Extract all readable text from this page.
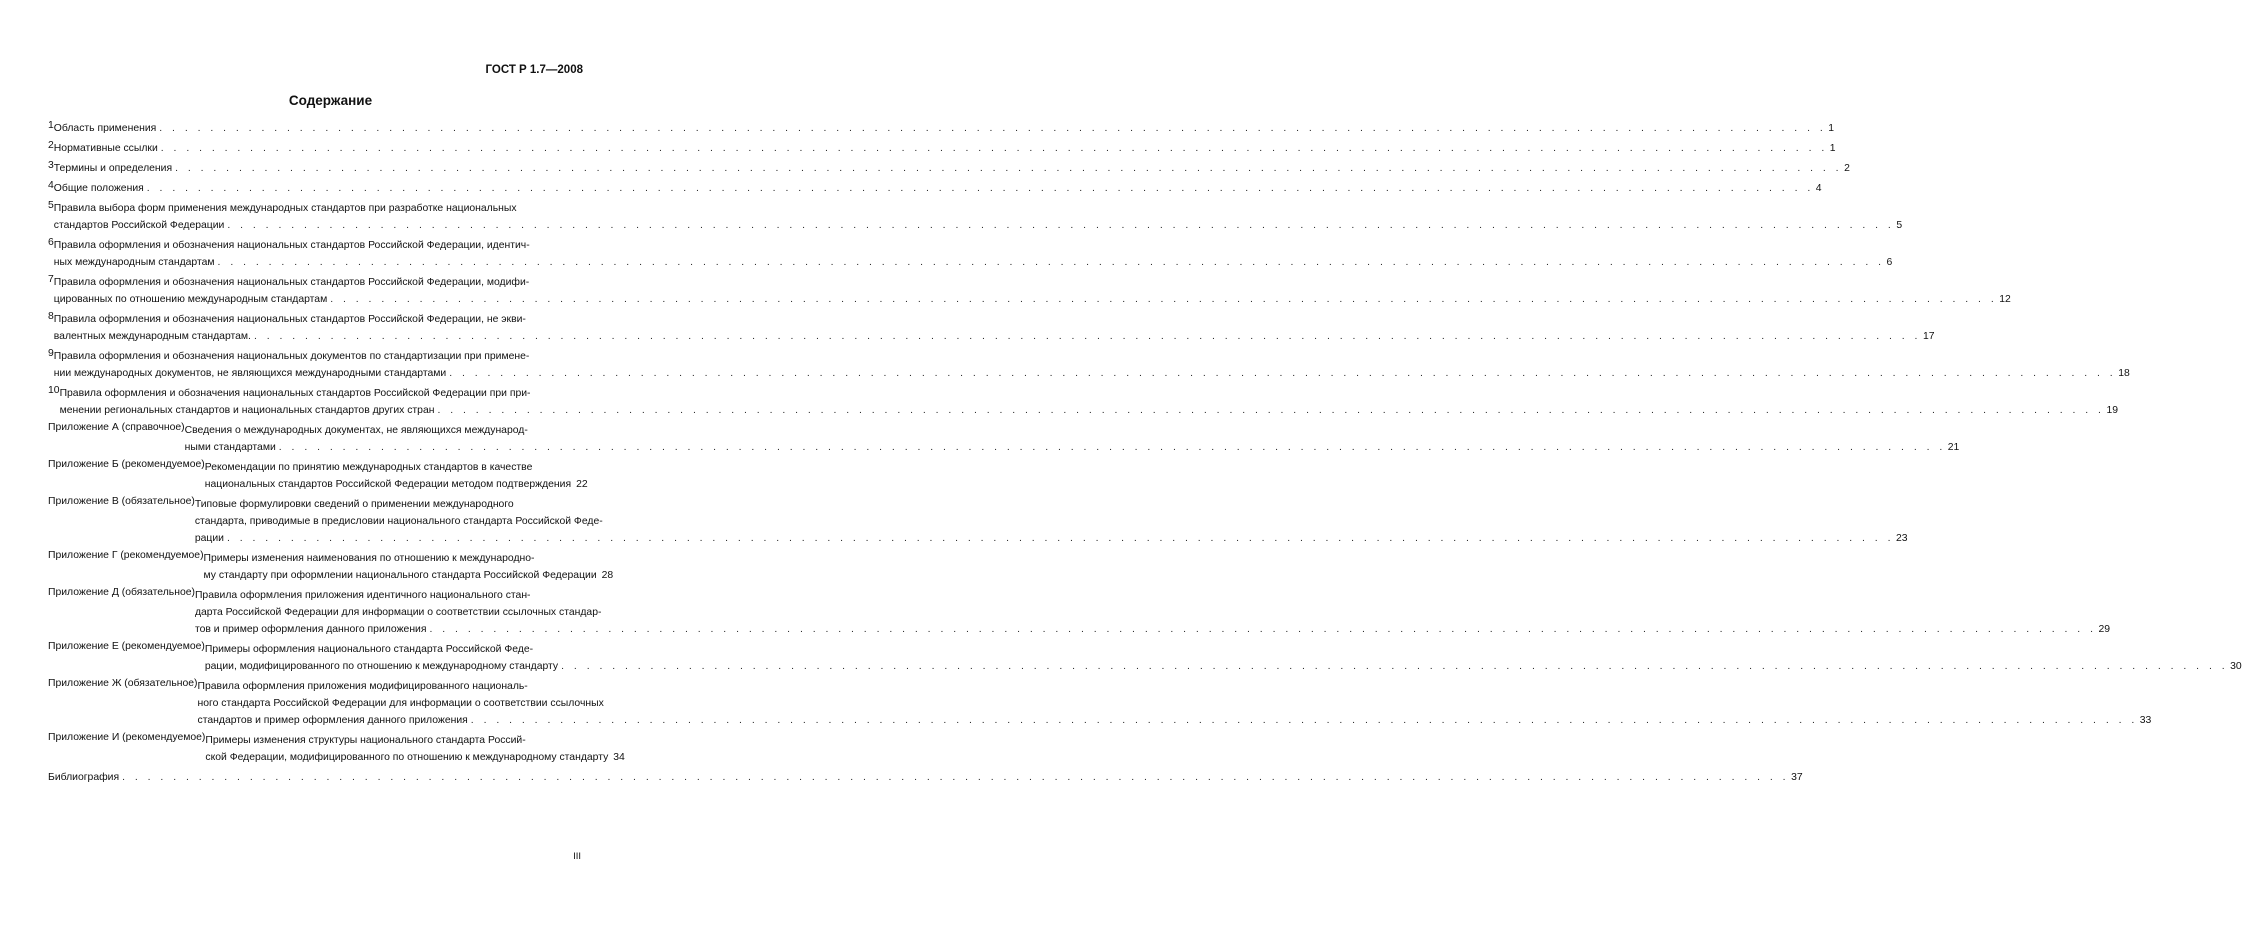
ГОСТ Р 1.7—2008
Содержание
1 Область применения . . .	1
2 Нормативные ссылки . . .	1
3 Термины и определения . . .	2
4 Общие положения . . .	4
5 Правила выбора форм применения международных стандартов при разработке национальных
стандартов Российской Федерации . . .	5
6 Правила оформления и обозначения национальных стандартов Российской Федерации, идентич-
ных международным стандартам . . .	6
7 Правила оформления и обозначения национальных стандартов Российской Федерации, модифи-
цированных по отношению международным стандартам . . .	12
8 Правила оформления и обозначения национальных стандартов Российской Федерации, не экви-
валентных международным стандартам. . . .	17
9 Правила оформления и обозначения национальных документов по стандартизации при примене-
нии международных документов, не являющихся международными стандартами . . .	18
10 Правила оформления и обозначения национальных стандартов Российской Федерации при при-
менении региональных стандартов и национальных стандартов других стран . . .	19
Приложение А (справочное) Сведения о международных документах, не являющихся международ-
ными стандартами . . .	21
Приложение Б (рекомендуемое) Рекомендации по принятию международных стандартов в качестве
национальных стандартов Российской Федерации методом подтверждения 22
Приложение В (обязательное) Типовые формулировки сведений о применении международного
стандарта, приводимые в предисловии национального стандарта Российской Феде-
рации . . .	23
Приложение Г (рекомендуемое) Примеры изменения наименования по отношению к международно-
му стандарту при оформлении национального стандарта Российской Федерации 28
Приложение Д (обязательное) Правила оформления приложения идентичного национального стан-
дарта Российской Федерации для информации о соответствии ссылочных стандар-
тов и пример оформления данного приложения . . .	29
Приложение Е (рекомендуемое) Примеры оформления национального стандарта Российской Феде-
рации, модифицированного по отношению к международному стандарту . . .	30
Приложение Ж (обязательное) Правила оформления приложения модифицированного националь-
ного стандарта Российской Федерации для информации о соответствии ссылочных
стандартов и пример оформления данного приложения . . .	33
Приложение И (рекомендуемое) Примеры изменения структуры национального стандарта Россий-
ской Федерации, модифицированного по отношению к международному стандарту 34
Библиография . . .	37
III
